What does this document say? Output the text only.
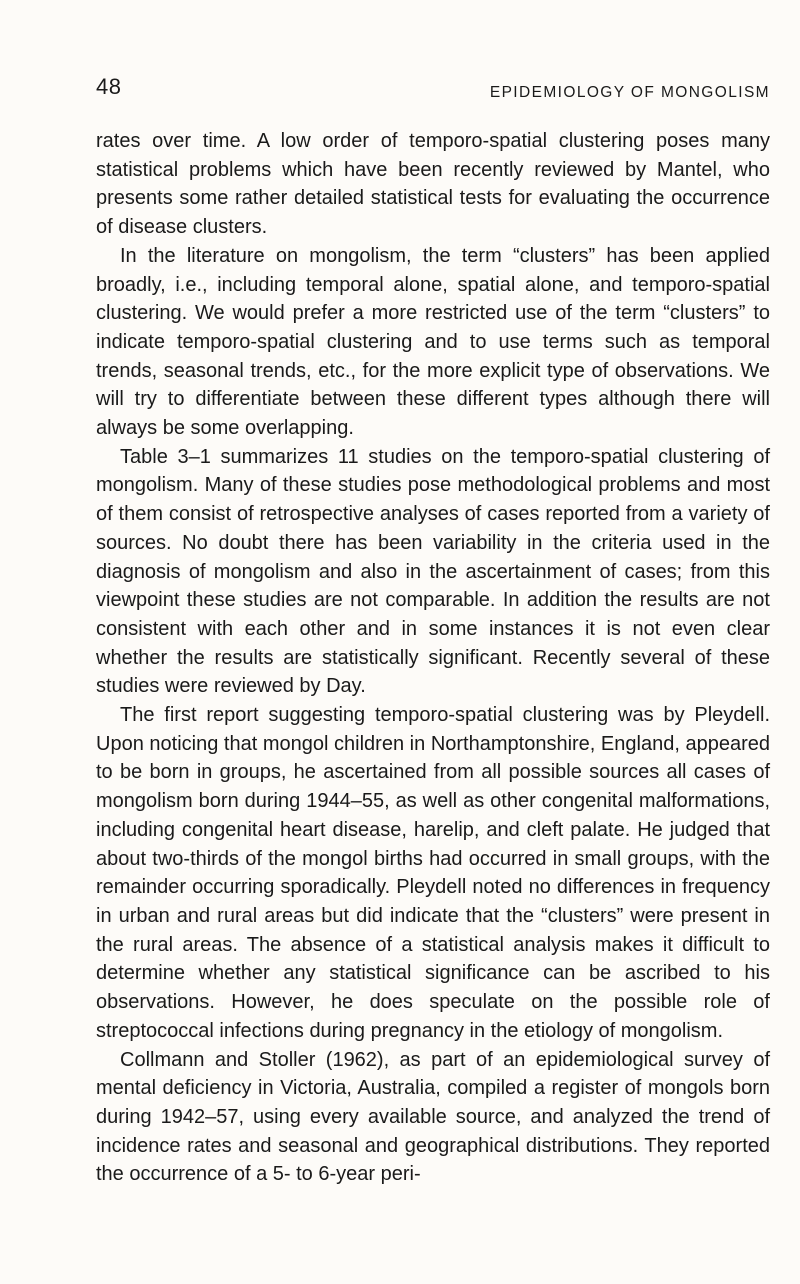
48	EPIDEMIOLOGY OF MONGOLISM

rates over time. A low order of temporo-spatial clustering poses many statistical problems which have been recently reviewed by Mantel, who presents some rather detailed statistical tests for evaluating the occurrence of disease clusters.

In the literature on mongolism, the term “clusters” has been applied broadly, i.e., including temporal alone, spatial alone, and temporo-spatial clustering. We would prefer a more restricted use of the term “clusters” to indicate temporo-spatial clustering and to use terms such as temporal trends, seasonal trends, etc., for the more explicit type of observations. We will try to differentiate between these different types although there will always be some overlapping.

Table 3–1 summarizes 11 studies on the temporo-spatial clustering of mongolism. Many of these studies pose methodological problems and most of them consist of retrospective analyses of cases reported from a variety of sources. No doubt there has been variability in the criteria used in the diagnosis of mongolism and also in the ascertainment of cases; from this viewpoint these studies are not comparable. In addition the results are not consistent with each other and in some instances it is not even clear whether the results are statistically significant. Recently several of these studies were reviewed by Day.

The first report suggesting temporo-spatial clustering was by Pleydell. Upon noticing that mongol children in Northamptonshire, England, appeared to be born in groups, he ascertained from all possible sources all cases of mongolism born during 1944–55, as well as other congenital malformations, including congenital heart disease, harelip, and cleft palate. He judged that about two-thirds of the mongol births had occurred in small groups, with the remainder occurring sporadically. Pleydell noted no differences in frequency in urban and rural areas but did indicate that the “clusters” were present in the rural areas. The absence of a statistical analysis makes it difficult to determine whether any statistical significance can be ascribed to his observations. However, he does speculate on the possible role of streptococcal infections during pregnancy in the etiology of mongolism.

Collmann and Stoller (1962), as part of an epidemiological survey of mental deficiency in Victoria, Australia, compiled a register of mongols born during 1942–57, using every available source, and analyzed the trend of incidence rates and seasonal and geographical distributions. They reported the occurrence of a 5- to 6-year peri-
